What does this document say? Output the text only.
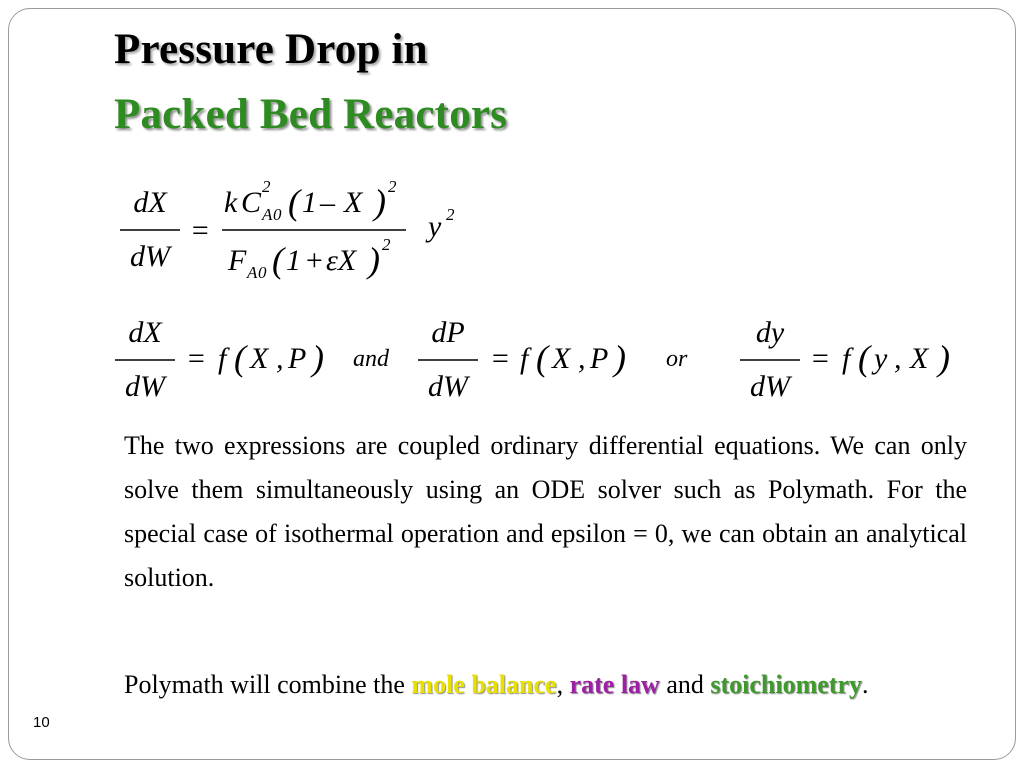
Pressure Drop in
Packed Bed Reactors
dX
dW
=
k C 2
A 0 ( 1 – X ) 2
F A 0 ( 1 + εX ) 2
y 2
dX
dW
= f ( X , P ) and
dP
dW
= f ( X , P ) or
dy
dW
= f ( y , X )
The two expressions are coupled ordinary differential equations. We can only solve them simultaneously using an ODE solver such as Polymath. For the special case of isothermal operation and epsilon = 0, we can obtain an analytical solution.
Polymath will combine the mole balance, rate law and stoichiometry.
10
